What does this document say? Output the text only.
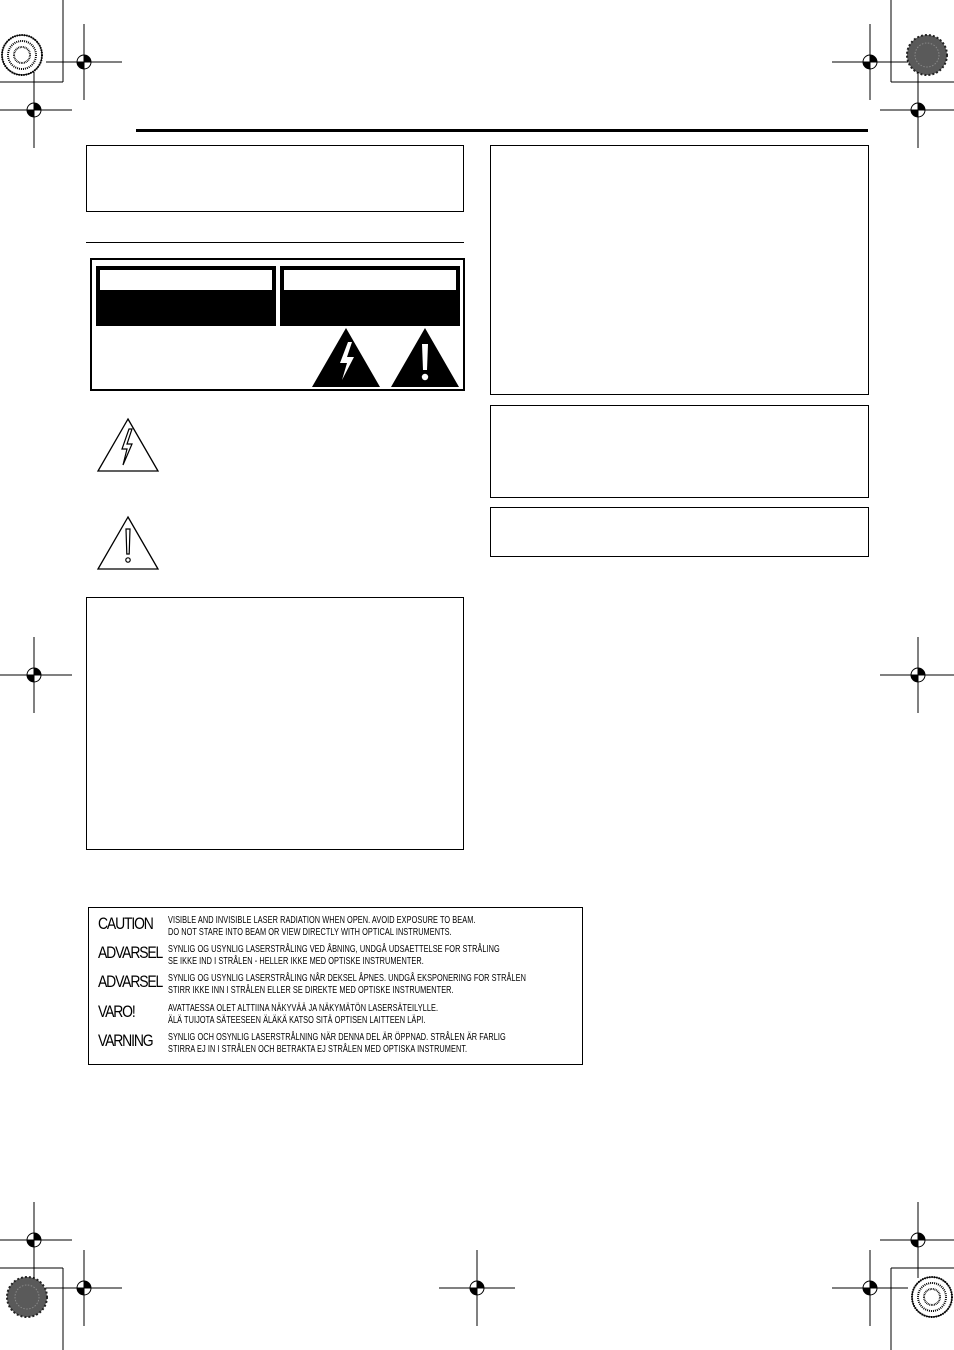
CAUTION	VISIBLE AND INVISIBLE LASER RADIATION WHEN OPEN. AVOID EXPOSURE TO BEAM.
DO NOT STARE INTO BEAM OR VIEW DIRECTLY WITH OPTICAL INSTRUMENTS.
ADVARSEL SYNLIG OG USYNLIG LASERSTRÅLING VED ÅBNING, UNDGÅ UDSAETTELSE FOR STRÅLING
SE IKKE IND I STRÅLEN - HELLER IKKE MED OPTISKE INSTRUMENTER.
ADVARSEL SYNLIG OG USYNLIG LASERSTRÅLING NÅR DEKSEL ÅPNES. UNDGÅ EKSPONERING FOR STRÅLEN
STIRR IKKE INN I STRÅLEN ELLER SE DIREKTE MED OPTISKE INSTRUMENTER.
VARO!	AVATTAESSA OLET ALTTIINA NÄKYVÄÄ JA NÄKYMÄTÖN LASERSÄTEILYLLE.
ÄLÄ TUIJOTA SÄTEESEEN ÄLÄKÄ KATSO SITÄ OPTISEN LAITTEEN LÄPI.
VARNING	SYNLIG OCH OSYNLIG LASERSTRÅLNING NÄR DENNA DEL ÄR ÖPPNAD. STRÅLEN ÄR FARLIG
STIRRA EJ IN I STRÅLEN OCH BETRAKTA EJ STRÅLEN MED OPTISKA INSTRUMENT.
